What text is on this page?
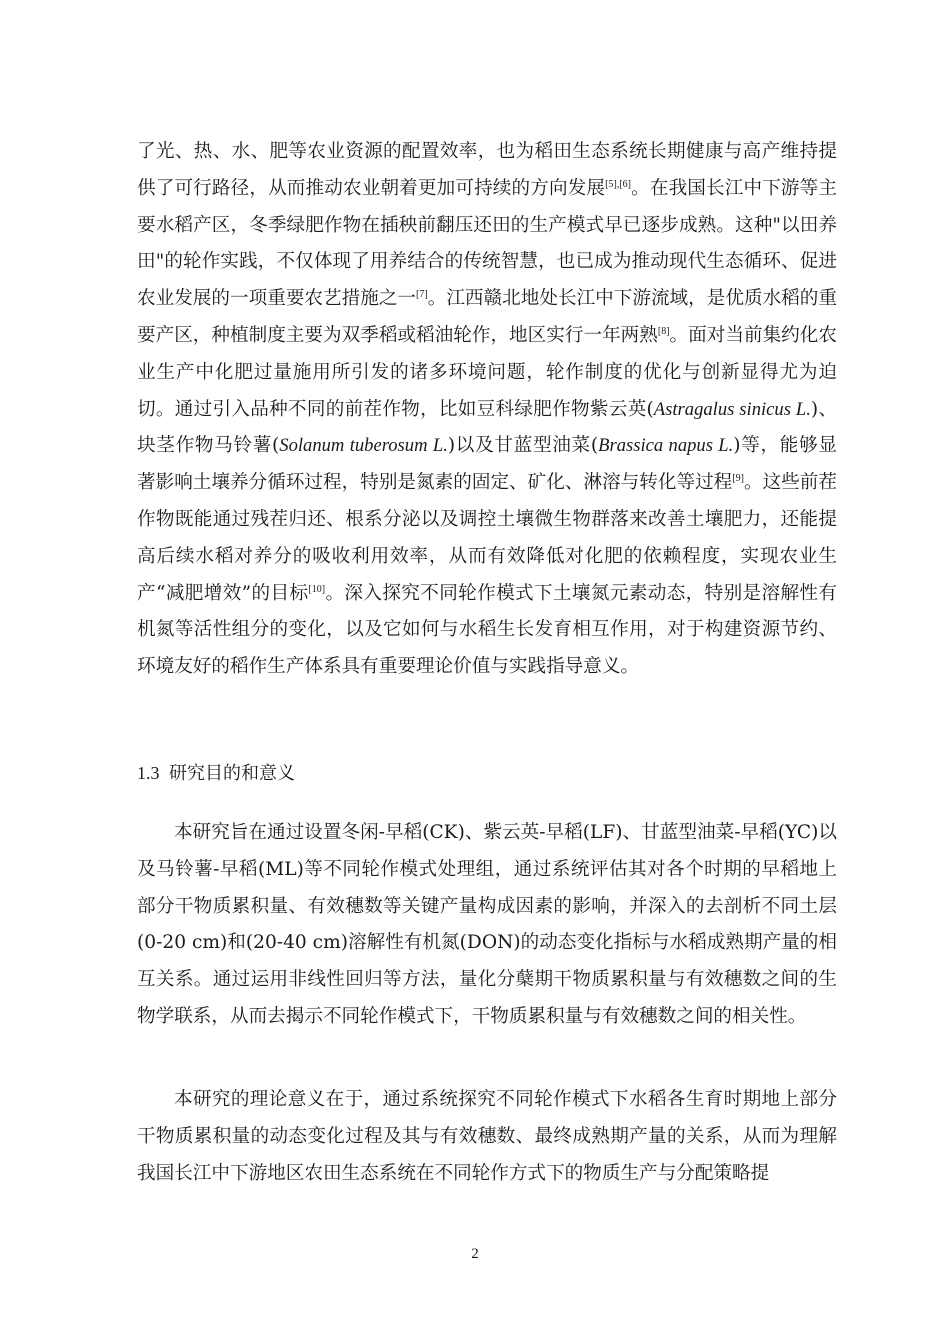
了光、热、水、肥等农业资源的配置效率，也为稻田生态系统长期健康与高产维持提供了可行路径，从而推动农业朝着更加可持续的方向发展[5],[6]。在我国长江中下游等主要水稻产区，冬季绿肥作物在插秧前翻压还田的生产模式早已逐步成熟。这种"以田养田"的轮作实践，不仅体现了用养结合的传统智慧，也已成为推动现代生态循环、促进农业发展的一项重要农艺措施之一[7]。江西赣北地处长江中下游流域，是优质水稻的重要产区，种植制度主要为双季稻或稻油轮作，地区实行一年两熟[8]。面对当前集约化农业生产中化肥过量施用所引发的诸多环境问题，轮作制度的优化与创新显得尤为迫切。通过引入品种不同的前茬作物，比如豆科绿肥作物紫云英(Astragalus sinicus L.)、块茎作物马铃薯(Solanum tuberosum L.)以及甘蓝型油菜(Brassica napus L.)等，能够显著影响土壤养分循环过程，特别是氮素的固定、矿化、淋溶与转化等过程[9]。这些前茬作物既能通过残茬归还、根系分泌以及调控土壤微生物群落来改善土壤肥力，还能提高后续水稻对养分的吸收利用效率，从而有效降低对化肥的依赖程度，实现农业生产“减肥增效”的目标[10]。深入探究不同轮作模式下土壤氮元素动态，特别是溶解性有机氮等活性组分的变化，以及它如何与水稻生长发育相互作用，对于构建资源节约、环境友好的稻作生产体系具有重要理论价值与实践指导意义。
1.3 研究目的和意义
本研究旨在通过设置冬闲-早稻(CK)、紫云英-早稻(LF)、甘蓝型油菜-早稻(YC)以及马铃薯-早稻(ML)等不同轮作模式处理组，通过系统评估其对各个时期的早稻地上部分干物质累积量、有效穗数等关键产量构成因素的影响，并深入的去剖析不同土层(0-20 cm)和(20-40 cm)溶解性有机氮(DON)的动态变化指标与水稻成熟期产量的相互关系。通过运用非线性回归等方法，量化分蘖期干物质累积量与有效穗数之间的生物学联系，从而去揭示不同轮作模式下，干物质累积量与有效穗数之间的相关性。
本研究的理论意义在于，通过系统探究不同轮作模式下水稻各生育时期地上部分干物质累积量的动态变化过程及其与有效穗数、最终成熟期产量的关系，从而为理解我国长江中下游地区农田生态系统在不同轮作方式下的物质生产与分配策略提
2
